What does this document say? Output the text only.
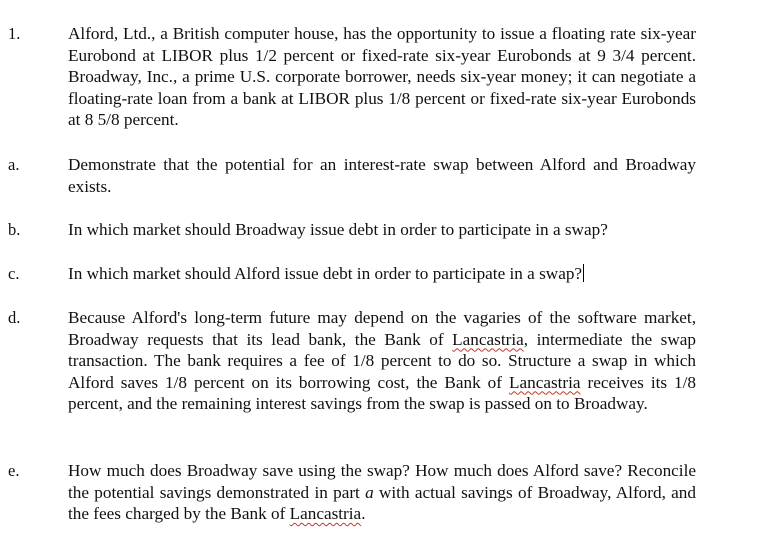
1.	Alford, Ltd., a British computer house, has the opportunity to issue a floating rate six-year Eurobond at LIBOR plus 1/2 percent or fixed-rate six-year Eurobonds at 9 3/4 percent. Broadway, Inc., a prime U.S. corporate borrower, needs six-year money; it can negotiate a floating-rate loan from a bank at LIBOR plus 1/8 percent or fixed-rate six-year Eurobonds at 8 5/8 percent.
a.	Demonstrate that the potential for an interest-rate swap between Alford and Broadway exists.
b.	In which market should Broadway issue debt in order to participate in a swap?
c.	In which market should Alford issue debt in order to participate in a swap?
d.	Because Alford's long-term future may depend on the vagaries of the software market, Broadway requests that its lead bank, the Bank of Lancastria, intermediate the swap transaction. The bank requires a fee of 1/8 percent to do so. Structure a swap in which Alford saves 1/8 percent on its borrowing cost, the Bank of Lancastria receives its 1/8 percent, and the remaining interest savings from the swap is passed on to Broadway.
e.	How much does Broadway save using the swap? How much does Alford save? Reconcile the potential savings demonstrated in part a with actual savings of Broadway, Alford, and the fees charged by the Bank of Lancastria.
